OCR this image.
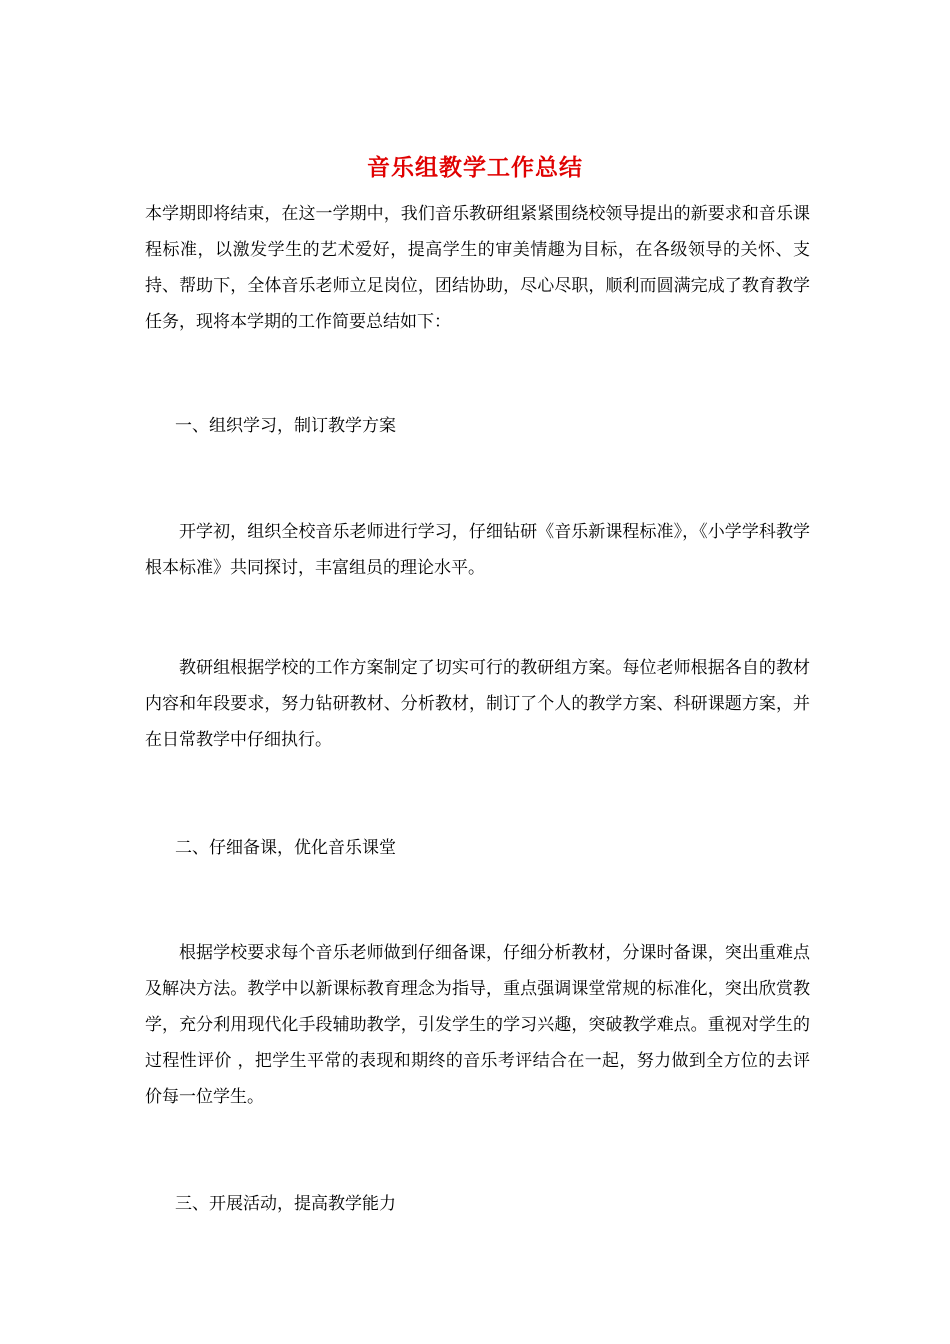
音乐组教学工作总结

本学期即将结束，在这一学期中，我们音乐教研组紧紧围绕校领导提出的新要求和音乐课程标准，以激发学生的艺术爱好，提高学生的审美情趣为目标，在各级领导的关怀、支持、帮助下，全体音乐老师立足岗位，团结协助，尽心尽职，顺利而圆满完成了教育教学任务，现将本学期的工作简要总结如下：

一、组织学习，制订教学方案

开学初，组织全校音乐老师进行学习，仔细钻研《音乐新课程标准》，《小学学科教学根本标准》共同探讨，丰富组员的理论水平。

教研组根据学校的工作方案制定了切实可行的教研组方案。每位老师根据各自的教材内容和年段要求，努力钻研教材、分析教材，制订了个人的教学方案、科研课题方案，并在日常教学中仔细执行。

二、仔细备课，优化音乐课堂

根据学校要求每个音乐老师做到仔细备课，仔细分析教材，分课时备课，突出重难点及解决方法。教学中以新课标教育理念为指导，重点强调课堂常规的标准化，突出欣赏教学，充分利用现代化手段辅助教学，引发学生的学习兴趣，突破教学难点。重视对学生的 过程性评价 ，把学生平常的表现和期终的音乐考评结合在一起，努力做到全方位的去评价每一位学生。

三、开展活动，提高教学能力
